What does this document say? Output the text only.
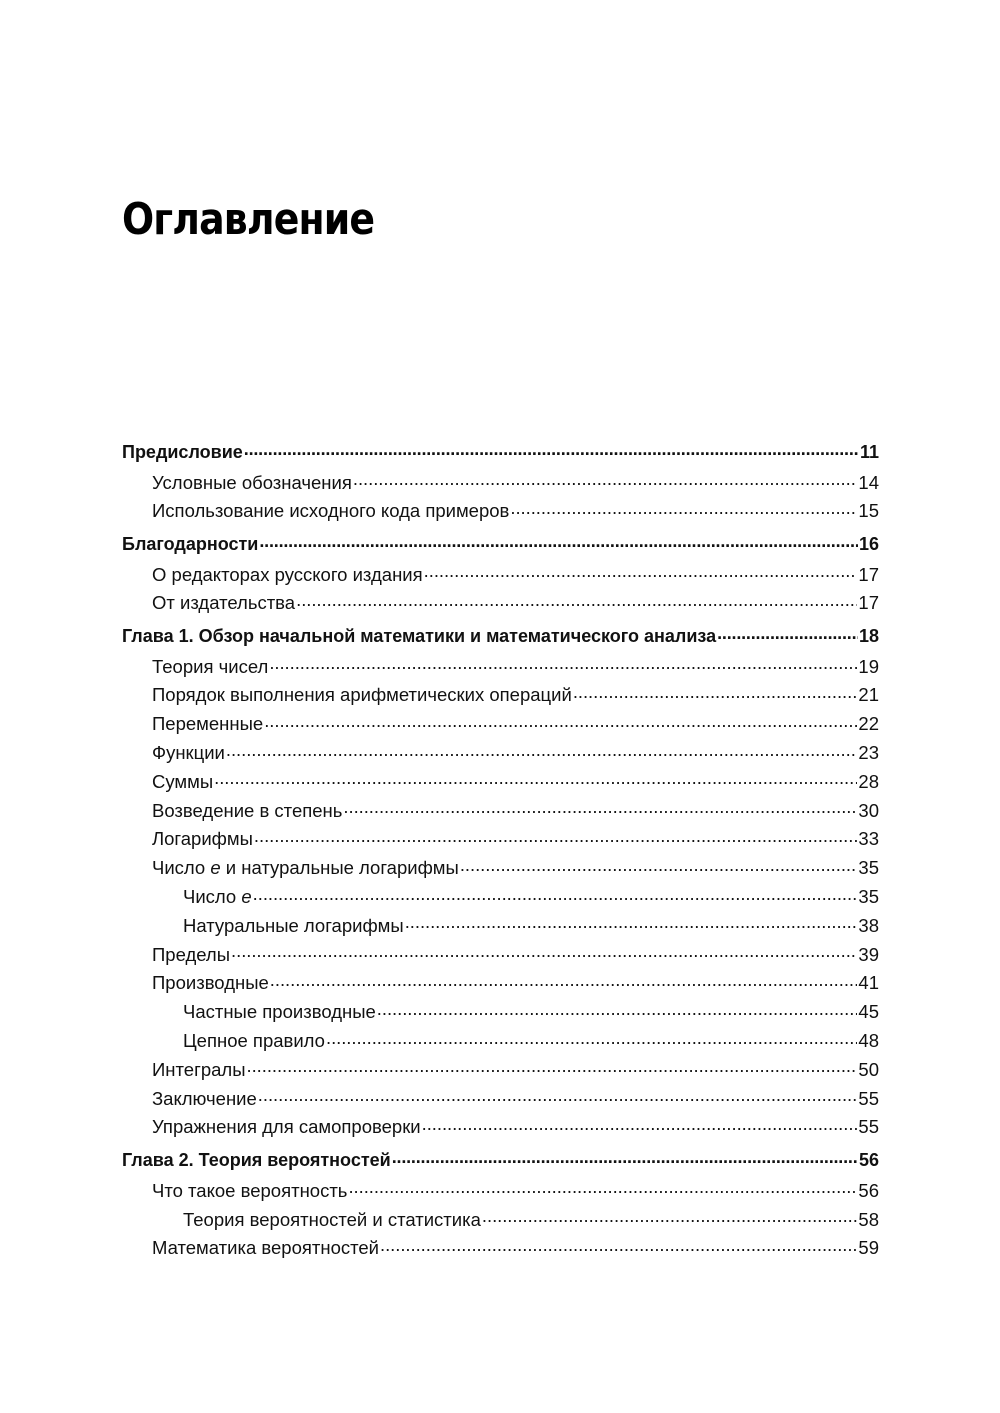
Оглавление
Предисловие . . .	11
Условные обозначения . . .	14
Использование исходного кода примеров . . .	15
Благодарности . . .	16
О редакторах русского издания . . .	17
От издательства . . .	17
Глава 1. Обзор начальной математики и математического анализа . . .	18
Теория чисел . . .	19
Порядок выполнения арифметических операций . . .	21
Переменные . . .	22
Функции . . .	23
Суммы . . .	28
Возведение в степень . . .	30
Логарифмы . . .	33
Число e и натуральные логарифмы . . .	35
Число e . . .	35
Натуральные логарифмы . . .	38
Пределы . . .	39
Производные . . .	41
Частные производные . . .	45
Цепное правило . . .	48
Интегралы . . .	50
Заключение . . .	55
Упражнения для самопроверки . . .	55
Глава 2. Теория вероятностей . . .	56
Что такое вероятность . . .	56
Теория вероятностей и статистика . . .	58
Математика вероятностей . . .	59
